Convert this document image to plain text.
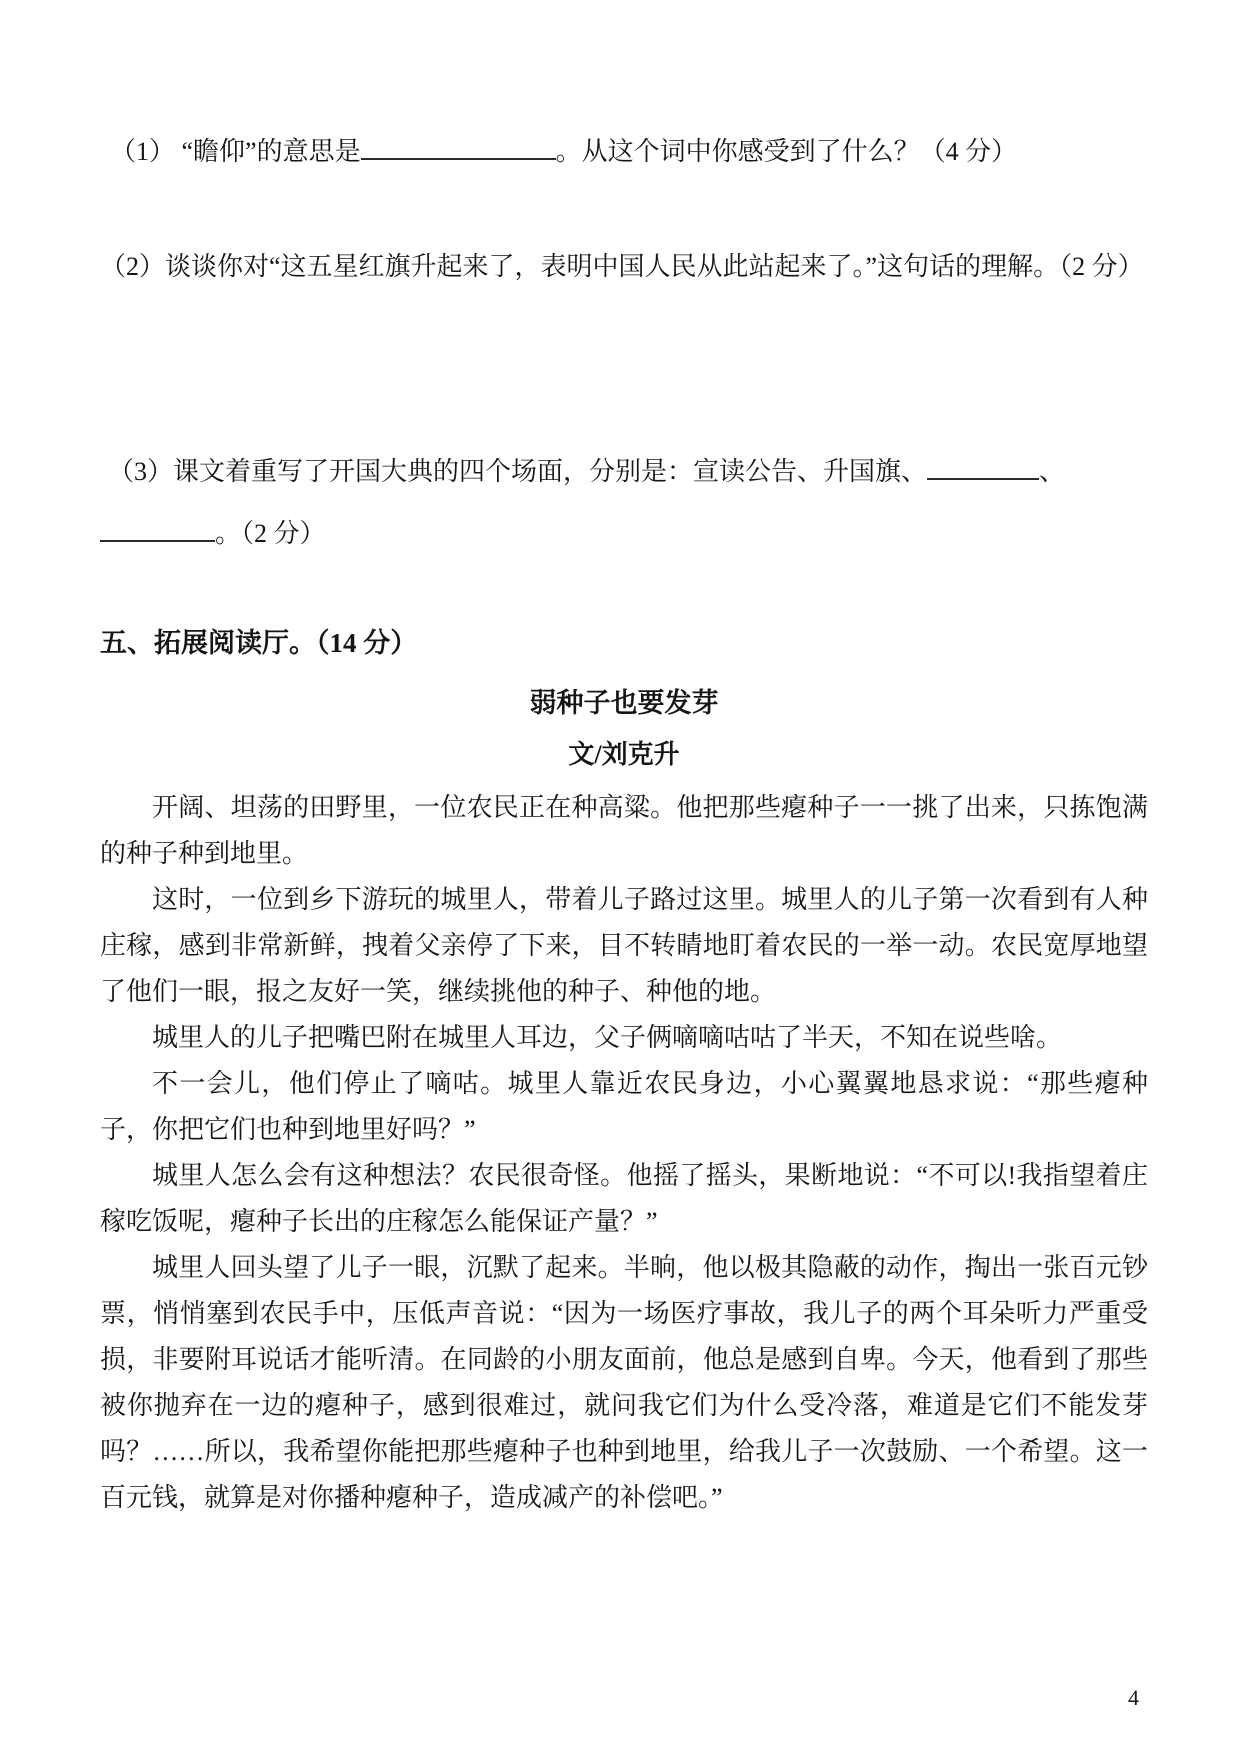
（1） “瞻仰”的意思是	。从这个词中你感受到了什么？（4 分）

（2）谈谈你对“这五星红旗升起来了，表明中国人民从此站起来了。”这句话的理解。（2 分）

（3）课文着重写了开国大典的四个场面，分别是：宣读公告、升国旗、	、

。（2 分）

五、拓展阅读厅。（14 分）
弱种子也要发芽
文/刘克升

开阔、坦荡的田野里，一位农民正在种高粱。他把那些瘪种子一一挑了出来，只拣饱满的种子种到地里。

这时，一位到乡下游玩的城里人，带着儿子路过这里。城里人的儿子第一次看到有人种庄稼，感到非常新鲜，拽着父亲停了下来，目不转睛地盯着农民的一举一动。农民宽厚地望了他们一眼，报之友好一笑，继续挑他的种子、种他的地。

城里人的儿子把嘴巴附在城里人耳边，父子俩嘀嘀咕咕了半天，不知在说些啥。

不一会儿，他们停止了嘀咕。城里人靠近农民身边，小心翼翼地恳求说：“那些瘪种子，你把它们也种到地里好吗？”

城里人怎么会有这种想法？农民很奇怪。他摇了摇头，果断地说：“不可以!我指望着庄稼吃饭呢，瘪种子长出的庄稼怎么能保证产量？”

城里人回头望了儿子一眼，沉默了起来。半晌，他以极其隐蔽的动作，掏出一张百元钞票，悄悄塞到农民手中，压低声音说：“因为一场医疗事故，我儿子的两个耳朵听力严重受损，非要附耳说话才能听清。在同龄的小朋友面前，他总是感到自卑。今天，他看到了那些被你抛弃在一边的瘪种子，感到很难过，就问我它们为什么受冷落，难道是它们不能发芽吗？……所以，我希望你能把那些瘪种子也种到地里，给我儿子一次鼓励、一个希望。这一百元钱，就算是对你播种瘪种子，造成减产的补偿吧。”

4
